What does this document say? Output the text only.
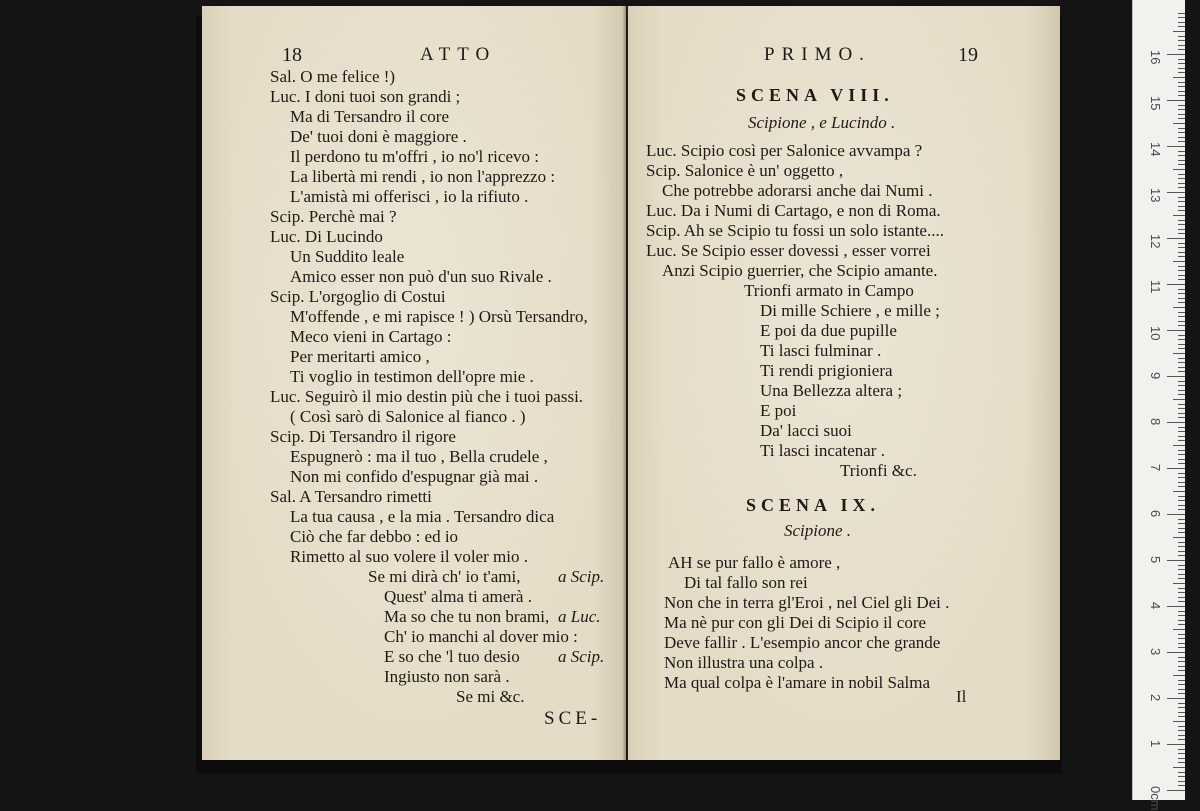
18	ATTO
Sal. O me felice !)
Luc. I doni tuoi son grandi ;
Ma di Tersandro il core
De' tuoi doni è maggiore .
Il perdono tu m'offri , io no'l ricevo :
La libertà mi rendi , io non l'apprezzo :
L'amistà mi offerisci , io la rifiuto .
Scip. Perchè mai ?
Luc. Di Lucindo
Un Suddito leale
Amico esser non può d'un suo Rivale .
Scip. L'orgoglio di Costui
M'offende , e mi rapisce ! ) Orsù Tersandro,
Meco vieni in Cartago :
Per meritarti amico ,
Ti voglio in testimon dell'opre mie .
Luc. Seguirò il mio destin più che i tuoi passi.
( Così sarò di Salonice al fianco . )
Scip. Di Tersandro il rigore
Espugnerò : ma il tuo , Bella crudele ,
Non mi confido d'espugnar già mai .
Sal. A Tersandro rimetti
La tua causa , e la mia . Tersandro dica
Ciò che far debbo : ed io
Rimetto al suo volere il voler mio .
Se mi dirà ch' io t'ami,
Quest' alma ti amerà .
Ma so che tu non brami,
Ch' io manchi al dover mio :
E so che 'l tuo desio
Ingiusto non sarà .
Se mi &c.
a Scip.
a Luc.
a Scip.
SCE-
PRIMO.	19
SCENA VIII.
Scipione , e Lucindo .
Luc. Scipio così per Salonice avvampa ?
Scip. Salonice è un' oggetto ,
Che potrebbe adorarsi anche dai Numi .
Luc. Da i Numi di Cartago, e non di Roma.
Scip. Ah se Scipio tu fossi un solo istante....
Luc. Se Scipio esser dovessi , esser vorrei
Anzi Scipio guerrier, che Scipio amante.
Trionfi armato in Campo
Di mille Schiere , e mille ;
E poi da due pupille
Ti lasci fulminar .
Ti rendi prigioniera
Una Bellezza altera ;
E poi
Da' lacci suoi
Ti lasci incatenar .
Trionfi &c.
SCENA IX.
Scipione .
AH se pur fallo è amore ,
Di tal fallo son rei
Non che in terra gl'Eroi , nel Ciel gli Dei .
Ma nè pur con gli Dei di Scipio il core
Deve fallir . L'esempio ancor che grande
Non illustra una colpa .
Ma qual colpa è l'amare in nobil Salma
Il
0cm
1
2
3
4
5
6
7
8
9
10
11
12
13
14
15
16
